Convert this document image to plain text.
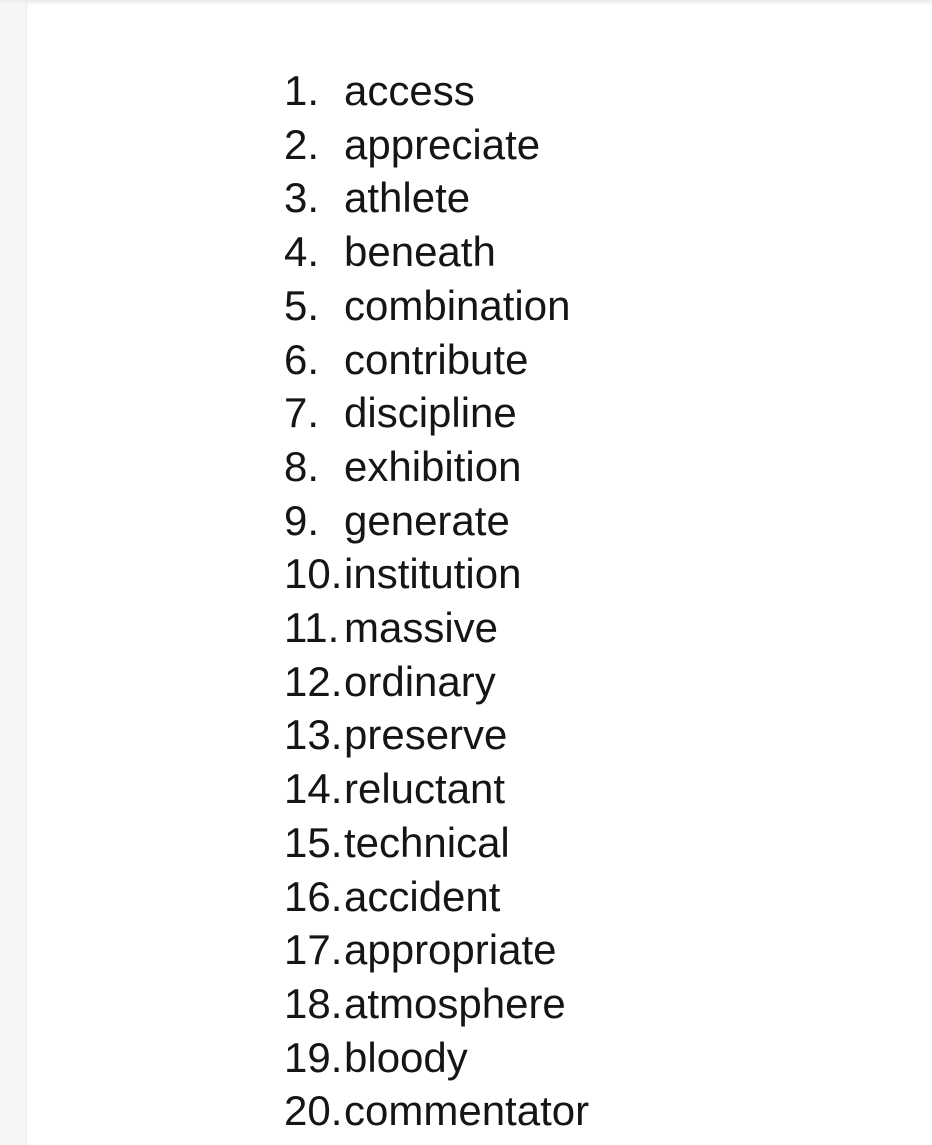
1. access
2. appreciate
3. athlete
4. beneath
5. combination
6. contribute
7. discipline
8. exhibition
9. generate
10. institution
11. massive
12. ordinary
13. preserve
14. reluctant
15. technical
16. accident
17. appropriate
18. atmosphere
19. bloody
20. commentator
